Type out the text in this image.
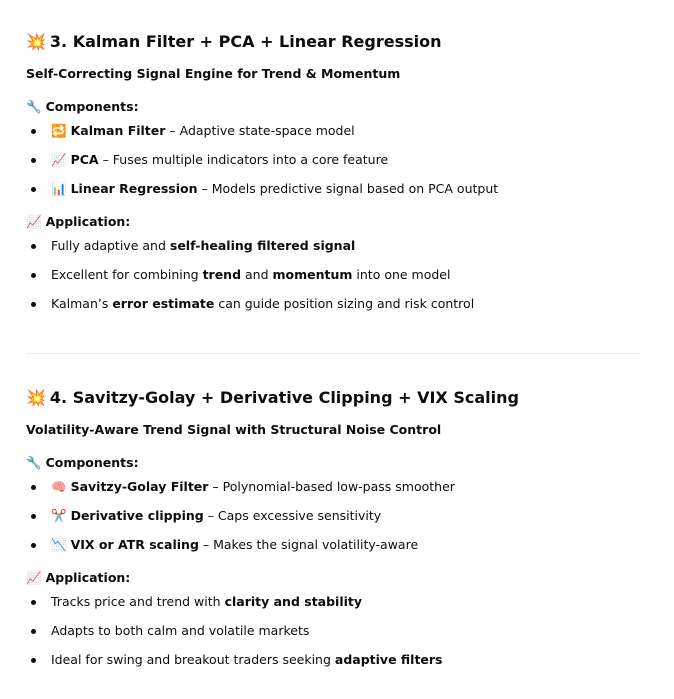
💥 3. Kalman Filter + PCA + Linear Regression
Self-Correcting Signal Engine for Trend & Momentum
🔧 Components:
🔁 Kalman Filter – Adaptive state-space model
📈 PCA – Fuses multiple indicators into a core feature
📊 Linear Regression – Models predictive signal based on PCA output
📈 Application:
Fully adaptive and self-healing filtered signal
Excellent for combining trend and momentum into one model
Kalman’s error estimate can guide position sizing and risk control
💥 4. Savitzy-Golay + Derivative Clipping + VIX Scaling
Volatility-Aware Trend Signal with Structural Noise Control
🔧 Components:
🧠 Savitzy-Golay Filter – Polynomial-based low-pass smoother
✂️ Derivative clipping – Caps excessive sensitivity
📉 VIX or ATR scaling – Makes the signal volatility-aware
📈 Application:
Tracks price and trend with clarity and stability
Adapts to both calm and volatile markets
Ideal for swing and breakout traders seeking adaptive filters
